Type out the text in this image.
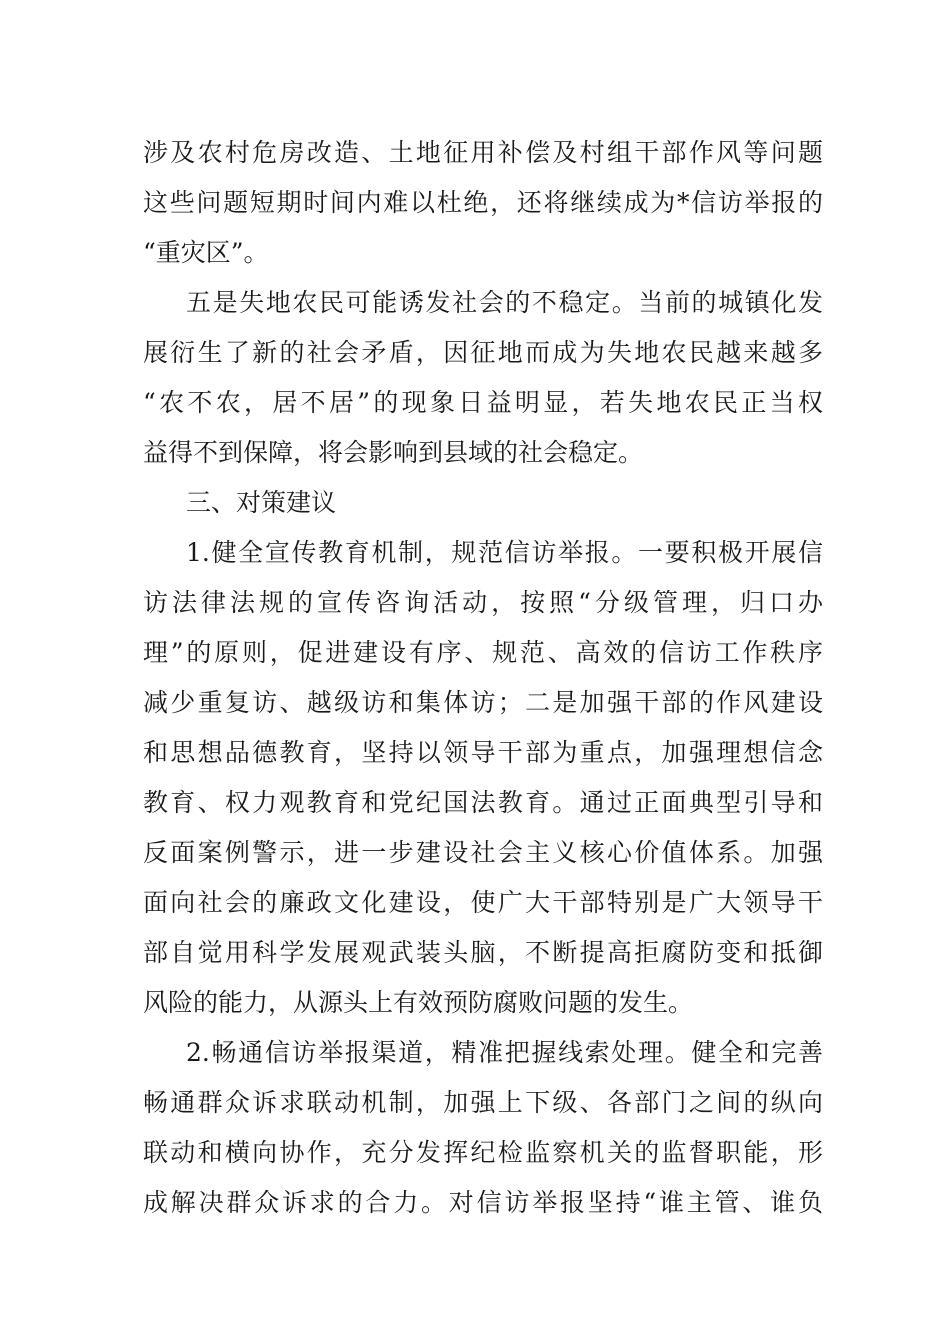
涉及农村危房改造、土地征用补偿及村组干部作风等问题
这些问题短期时间内难以杜绝，还将继续成为*信访举报的
“重灾区”。
五是失地农民可能诱发社会的不稳定。当前的城镇化发
展衍生了新的社会矛盾，因征地而成为失地农民越来越多
“农不农，居不居”的现象日益明显，若失地农民正当权
益得不到保障，将会影响到县域的社会稳定。
三、对策建议
1.健全宣传教育机制，规范信访举报。一要积极开展信
访法律法规的宣传咨询活动，按照“分级管理，归口办
理”的原则，促进建设有序、规范、高效的信访工作秩序
减少重复访、越级访和集体访；二是加强干部的作风建设
和思想品德教育，坚持以领导干部为重点，加强理想信念
教育、权力观教育和党纪国法教育。通过正面典型引导和
反面案例警示，进一步建设社会主义核心价值体系。加强
面向社会的廉政文化建设，使广大干部特别是广大领导干
部自觉用科学发展观武装头脑，不断提高拒腐防变和抵御
风险的能力，从源头上有效预防腐败问题的发生。
2.畅通信访举报渠道，精准把握线索处理。健全和完善
畅通群众诉求联动机制，加强上下级、各部门之间的纵向
联动和横向协作，充分发挥纪检监察机关的监督职能，形
成解决群众诉求的合力。对信访举报坚持“谁主管、谁负
